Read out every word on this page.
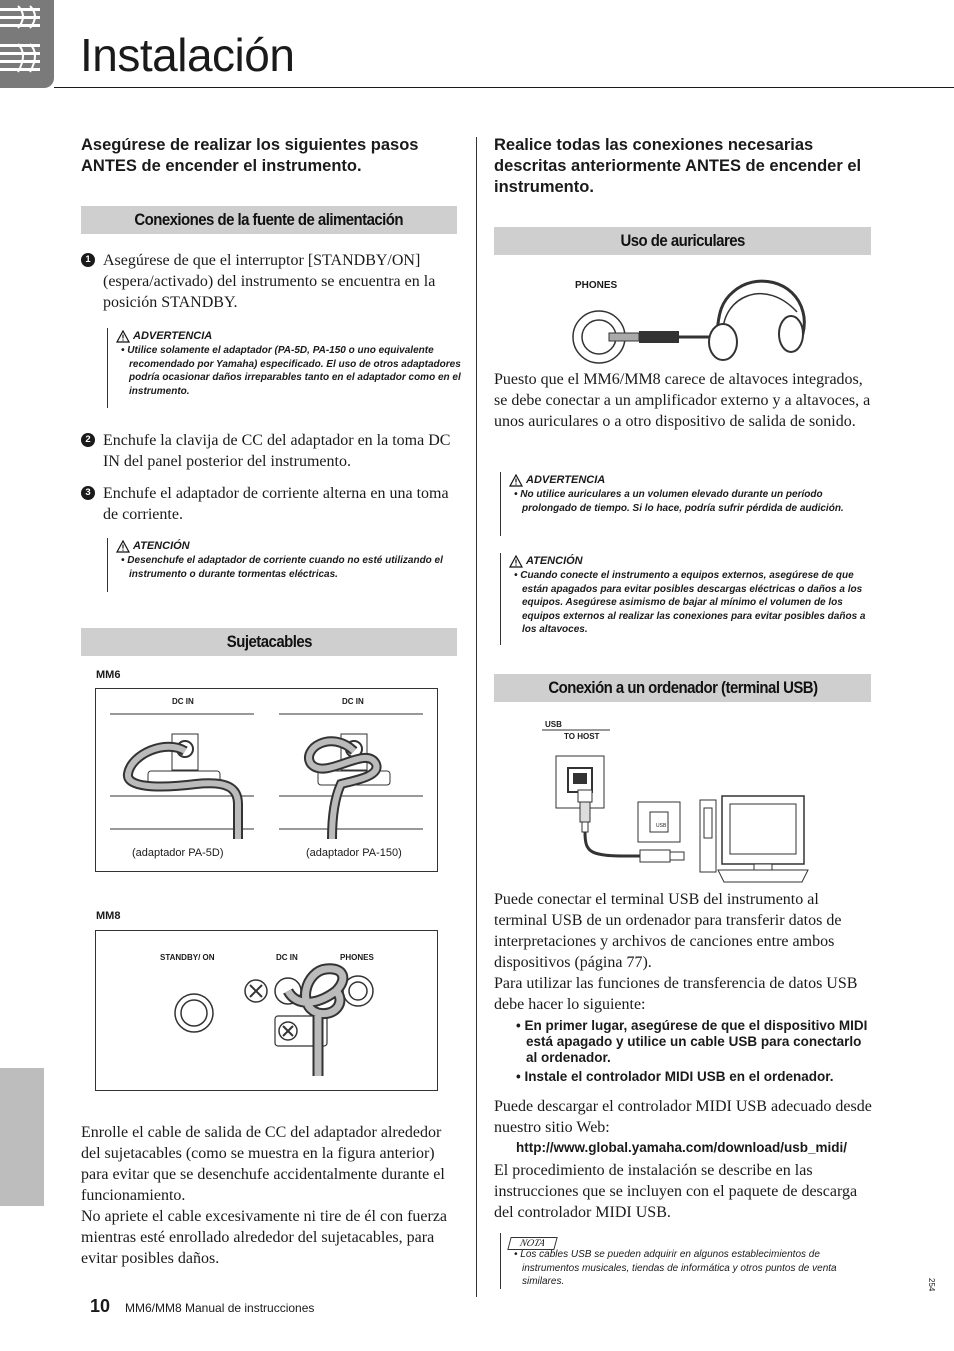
Instalación
Asegúrese de realizar los siguientes pasos ANTES de encender el instrumento.
Conexiones de la fuente de alimentación
1 Asegúrese de que el interruptor [STANDBY/ON] (espera/activado) del instrumento se encuentra en la posición STANDBY.
ADVERTENCIA
• Utilice solamente el adaptador (PA-5D, PA-150 o uno equivalente recomendado por Yamaha) especificado. El uso de otros adaptadores podría ocasionar daños irreparables tanto en el adaptador como en el instrumento.
2 Enchufe la clavija de CC del adaptador en la toma DC IN del panel posterior del instrumento.
3 Enchufe el adaptador de corriente alterna en una toma de corriente.
ATENCIÓN
• Desenchufe el adaptador de corriente cuando no esté utilizando el instrumento o durante tormentas eléctricas.
Sujetacables
MM6
DC IN	DC IN
(adaptador PA-5D)	(adaptador PA-150)
MM8
STANDBY/ ON	DC IN	PHONES
Enrolle el cable de salida de CC del adaptador alrededor del sujetacables (como se muestra en la figura anterior) para evitar que se desenchufe accidentalmente durante el funcionamiento.
No apriete el cable excesivamente ni tire de él con fuerza mientras esté enrollado alrededor del sujetacables, para evitar posibles daños.
Realice todas las conexiones necesarias descritas anteriormente ANTES de encender el instrumento.
Uso de auriculares
PHONES
Puesto que el MM6/MM8 carece de altavoces integrados, se debe conectar a un amplificador externo y a altavoces, a unos auriculares o a otro dispositivo de salida de sonido.
ADVERTENCIA
• No utilice auriculares a un volumen elevado durante un período prolongado de tiempo. Si lo hace, podría sufrir pérdida de audición.
ATENCIÓN
• Cuando conecte el instrumento a equipos externos, asegúrese de que están apagados para evitar posibles descargas eléctricas o daños a los equipos. Asegúrese asimismo de bajar al mínimo el volumen de los equipos externos al realizar las conexiones para evitar posibles daños a los altavoces.
Conexión a un ordenador (terminal USB)
USB
TO HOST
USB
Puede conectar el terminal USB del instrumento al terminal USB de un ordenador para transferir datos de interpretaciones y archivos de canciones entre ambos dispositivos (página 77).
Para utilizar las funciones de transferencia de datos USB debe hacer lo siguiente:
• En primer lugar, asegúrese de que el dispositivo MIDI está apagado y utilice un cable USB para conectarlo al ordenador.
• Instale el controlador MIDI USB en el ordenador.
Puede descargar el controlador MIDI USB adecuado desde nuestro sitio Web:
http://www.global.yamaha.com/download/usb_midi/
El procedimiento de instalación se describe en las instrucciones que se incluyen con el paquete de descarga del controlador MIDI USB.
NOTA
• Los cables USB se pueden adquirir en algunos establecimientos de instrumentos musicales, tiendas de informática y otros puntos de venta similares.
10 MM6/MM8 Manual de instrucciones
254
